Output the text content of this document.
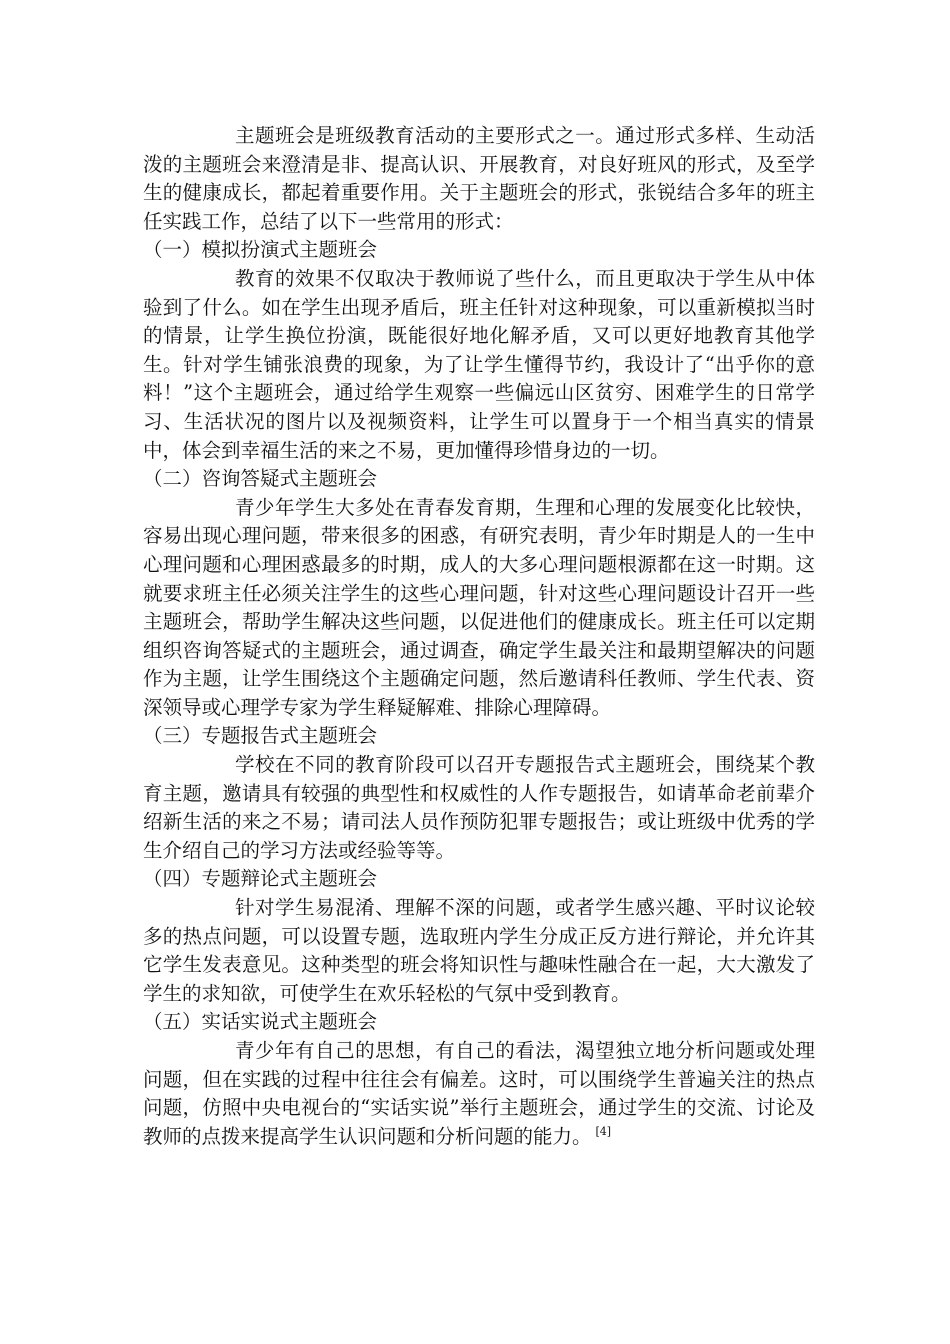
主题班会是班级教育活动的主要形式之一。通过形式多样、生动活泼的主题班会来澄清是非、提高认识、开展教育，对良好班风的形式，及至学生的健康成长，都起着重要作用。关于主题班会的形式，张锐结合多年的班主任实践工作，总结了以下一些常用的形式：

（一）模拟扮演式主题班会

教育的效果不仅取决于教师说了些什么，而且更取决于学生从中体验到了什么。如在学生出现矛盾后，班主任针对这种现象，可以重新模拟当时的情景，让学生换位扮演，既能很好地化解矛盾，又可以更好地教育其他学生。针对学生铺张浪费的现象，为了让学生懂得节约，我设计了“出乎你的意料！”这个主题班会，通过给学生观察一些偏远山区贫穷、困难学生的日常学习、生活状况的图片以及视频资料，让学生可以置身于一个相当真实的情景中，体会到幸福生活的来之不易，更加懂得珍惜身边的一切。

（二）咨询答疑式主题班会

青少年学生大多处在青春发育期，生理和心理的发展变化比较快，容易出现心理问题，带来很多的困惑，有研究表明，青少年时期是人的一生中心理问题和心理困惑最多的时期，成人的大多心理问题根源都在这一时期。这就要求班主任必须关注学生的这些心理问题，针对这些心理问题设计召开一些主题班会，帮助学生解决这些问题，以促进他们的健康成长。班主任可以定期组织咨询答疑式的主题班会，通过调查，确定学生最关注和最期望解决的问题作为主题，让学生围绕这个主题确定问题，然后邀请科任教师、学生代表、资深领导或心理学专家为学生释疑解难、排除心理障碍。

（三）专题报告式主题班会

学校在不同的教育阶段可以召开专题报告式主题班会，围绕某个教育主题，邀请具有较强的典型性和权威性的人作专题报告，如请革命老前辈介绍新生活的来之不易；请司法人员作预防犯罪专题报告；或让班级中优秀的学生介绍自己的学习方法或经验等等。

（四）专题辩论式主题班会

针对学生易混淆、理解不深的问题，或者学生感兴趣、平时议论较多的热点问题，可以设置专题，选取班内学生分成正反方进行辩论，并允许其它学生发表意见。这种类型的班会将知识性与趣味性融合在一起，大大激发了学生的求知欲，可使学生在欢乐轻松的气氛中受到教育。

（五）实话实说式主题班会

青少年有自己的思想，有自己的看法，渴望独立地分析问题或处理问题，但在实践的过程中往往会有偏差。这时，可以围绕学生普遍关注的热点问题，仿照中央电视台的“实话实说”举行主题班会，通过学生的交流、讨论及教师的点拨来提高学生认识问题和分析问题的能力。 [4]
